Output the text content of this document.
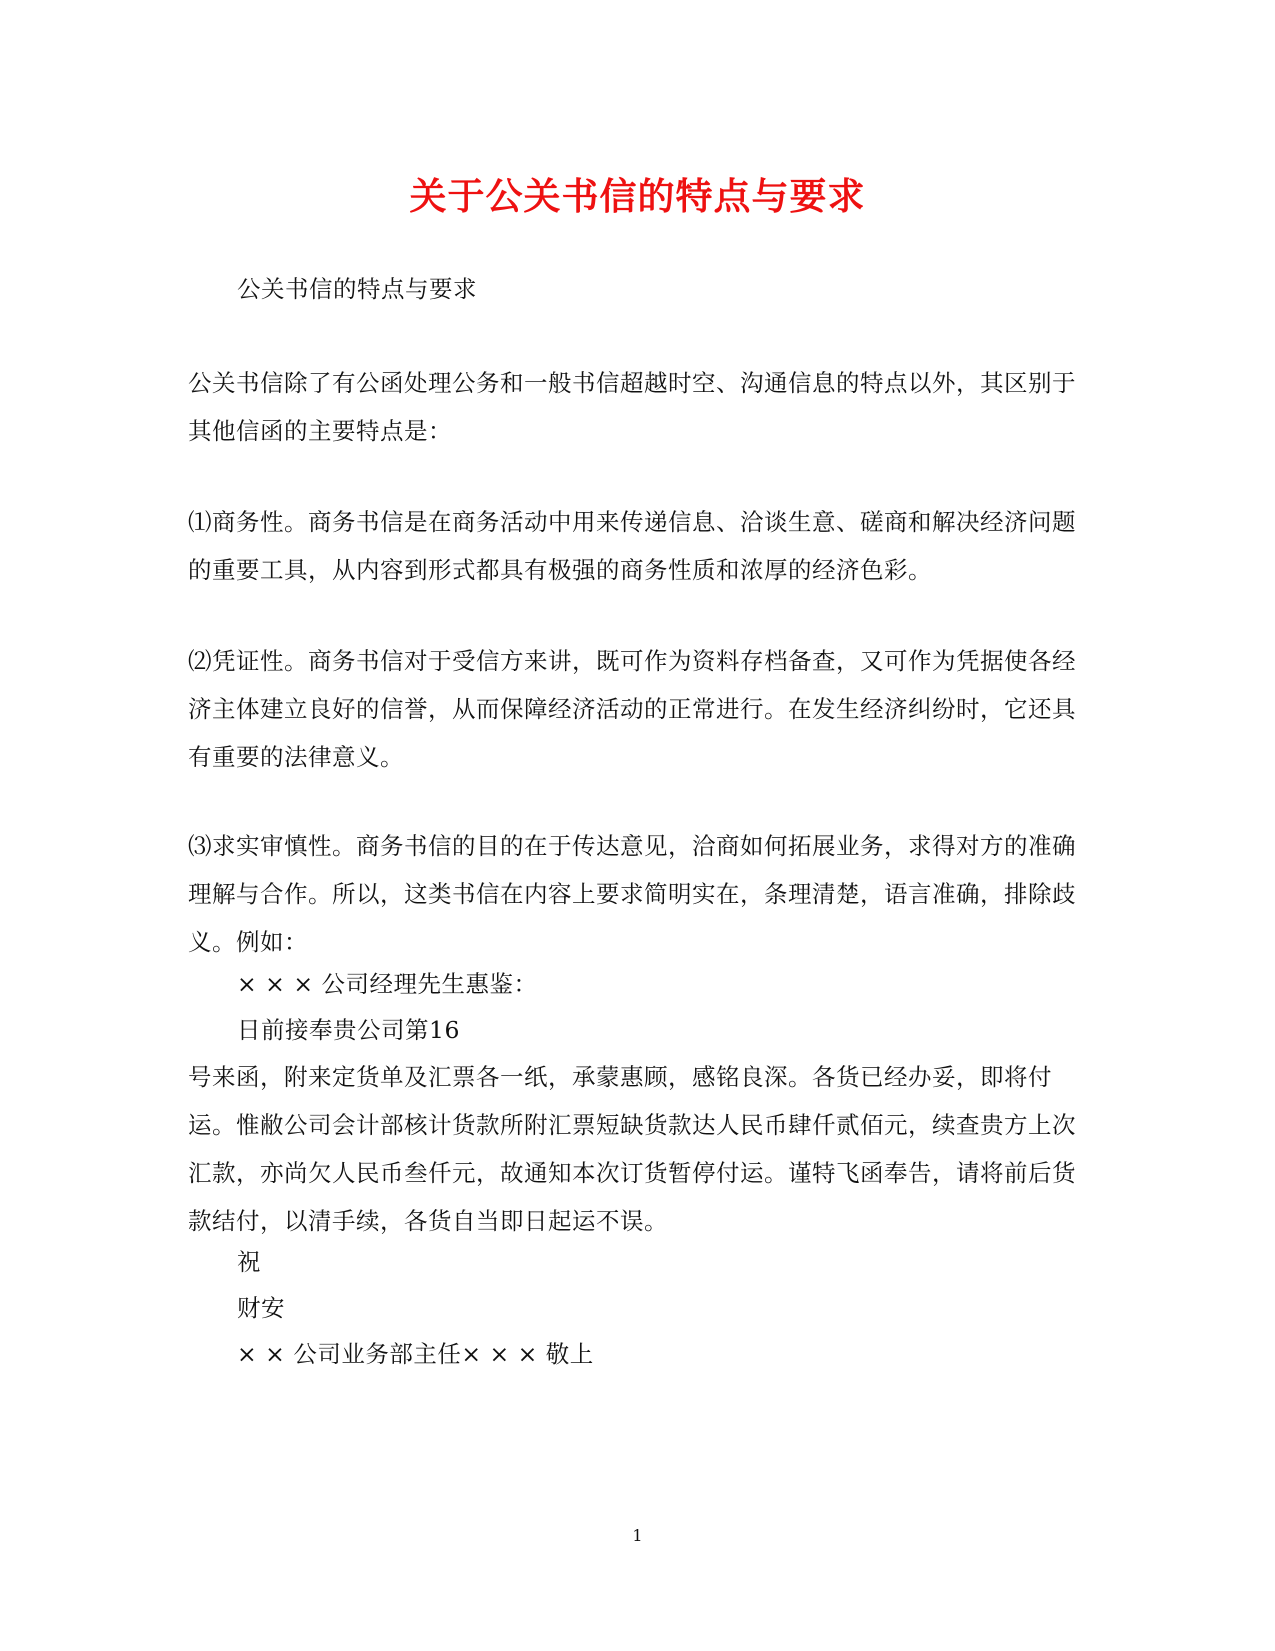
关于公关书信的特点与要求
公关书信的特点与要求
公关书信除了有公函处理公务和一般书信超越时空、沟通信息的特点以外，其区别于其他信函的主要特点是：
⑴商务性。商务书信是在商务活动中用来传递信息、洽谈生意、磋商和解决经济问题的重要工具，从内容到形式都具有极强的商务性质和浓厚的经济色彩。
⑵凭证性。商务书信对于受信方来讲，既可作为资料存档备查，又可作为凭据使各经济主体建立良好的信誉，从而保障经济活动的正常进行。在发生经济纠纷时，它还具有重要的法律意义。
⑶求实审慎性。商务书信的目的在于传达意见，洽商如何拓展业务，求得对方的准确理解与合作。所以，这类书信在内容上要求简明实在，条理清楚，语言准确，排除歧义。例如：
× × × 公司经理先生惠鉴：
日前接奉贵公司第16
号来函，附来定货单及汇票各一纸，承蒙惠顾，感铭良深。各货已经办妥，即将付运。惟敝公司会计部核计货款所附汇票短缺货款达人民币肆仟贰佰元，续查贵方上次汇款，亦尚欠人民币叁仟元，故通知本次订货暂停付运。谨特飞函奉告，请将前后货款结付，以清手续，各货自当即日起运不误。
祝
财安
× × 公司业务部主任× × × 敬上
1
